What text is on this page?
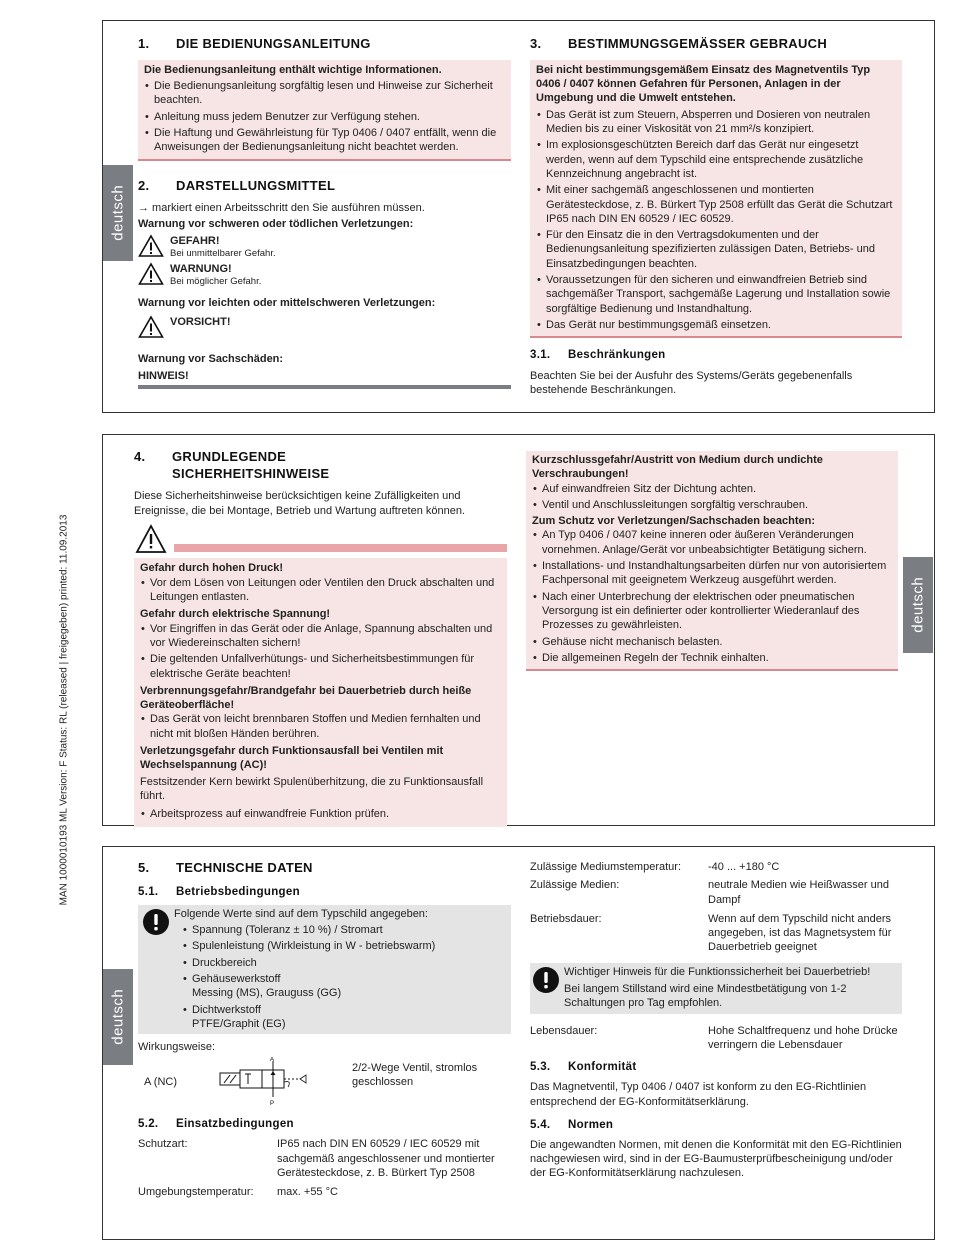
MAN 1000010193 ML Version: F Status: RL (released | freigegeben) printed: 11.09.2013
deutsch
1.	DIE BEDIENUNGSANLEITUNG
Die Bedienungsanleitung enthält wichtige Informationen.
• Die Bedienungsanleitung sorgfältig lesen und Hinweise zur Sicherheit beachten.
• Anleitung muss jedem Benutzer zur Verfügung stehen.
• Die Haftung und Gewährleistung für Typ 0406 / 0407 entfällt, wenn die Anweisungen der Bedienungsanleitung nicht beachtet werden.
2.	DARSTELLUNGSMITTEL
→ markiert einen Arbeitsschritt den Sie ausführen müssen.
Warnung vor schweren oder tödlichen Verletzungen:
GEFAHR!
Bei unmittelbarer Gefahr.
WARNUNG!
Bei möglicher Gefahr.
Warnung vor leichten oder mittelschweren Verletzungen:
VORSICHT!
Warnung vor Sachschäden:
HINWEIS!
3.	BESTIMMUNGSGEMÄSSER GEBRAUCH
Bei nicht bestimmungsgemäßem Einsatz des Magnetventils Typ 0406 / 0407 können Gefahren für Personen, Anlagen in der Umgebung und die Umwelt entstehen.
• Das Gerät ist zum Steuern, Absperren und Dosieren von neutralen Medien bis zu einer Viskosität von 21 mm²/s konzipiert.
• Im explosionsgeschützten Bereich darf das Gerät nur eingesetzt werden, wenn auf dem Typschild eine entsprechende zusätzliche Kennzeichnung angebracht ist.
• Mit einer sachgemäß angeschlossenen und montierten Gerätesteckdose, z. B. Bürkert Typ 2508 erfüllt das Gerät die Schutzart IP65 nach DIN EN 60529 / IEC 60529.
• Für den Einsatz die in den Vertragsdokumenten und der Bedienungsanleitung spezifizierten zulässigen Daten, Betriebs- und Einsatzbedingungen beachten.
• Voraussetzungen für den sicheren und einwandfreien Betrieb sind sachgemäßer Transport, sachgemäße Lagerung und Installation sowie sorgfältige Bedienung und Instandhaltung.
• Das Gerät nur bestimmungsgemäß einsetzen.
3.1.	Beschränkungen
Beachten Sie bei der Ausfuhr des Systems/Geräts gegebenenfalls bestehende Beschränkungen.
deutsch
4.	GRUNDLEGENDE
SICHERHEITSHINWEISE
Diese Sicherheitshinweise berücksichtigen keine Zufälligkeiten und Ereignisse, die bei Montage, Betrieb und Wartung auftreten können.
Gefahr durch hohen Druck!
• Vor dem Lösen von Leitungen oder Ventilen den Druck abschalten und Leitungen entlasten.
Gefahr durch elektrische Spannung!
• Vor Eingriffen in das Gerät oder die Anlage, Spannung abschalten und vor Wiedereinschalten sichern!
• Die geltenden Unfallverhütungs- und Sicherheitsbestimmungen für elektrische Geräte beachten!
Verbrennungsgefahr/Brandgefahr bei Dauerbetrieb durch heiße Geräteoberfläche!
• Das Gerät von leicht brennbaren Stoffen und Medien fernhalten und nicht mit bloßen Händen berühren.
Verletzungsgefahr durch Funktionsausfall bei Ventilen mit Wechselspannung (AC)!
Festsitzender Kern bewirkt Spulenüberhitzung, die zu Funktionsausfall führt.
• Arbeitsprozess auf einwandfreie Funktion prüfen.
Kurzschlussgefahr/Austritt von Medium durch undichte Verschraubungen!
• Auf einwandfreien Sitz der Dichtung achten.
• Ventil und Anschlussleitungen sorgfältig verschrauben.
Zum Schutz vor Verletzungen/Sachschaden beachten:
• An Typ 0406 / 0407 keine inneren oder äußeren Veränderungen vornehmen. Anlage/Gerät vor unbeabsichtigter Betätigung sichern.
• Installations- und Instandhaltungsarbeiten dürfen nur von autorisiertem Fachpersonal mit geeignetem Werkzeug ausgeführt werden.
• Nach einer Unterbrechung der elektrischen oder pneumatischen Versorgung ist ein definierter oder kontrollierter Wiederanlauf des Prozesses zu gewährleisten.
• Gehäuse nicht mechanisch belasten.
• Die allgemeinen Regeln der Technik einhalten.
deutsch
5.	TECHNISCHE DATEN
5.1.	Betriebsbedingungen
Folgende Werte sind auf dem Typschild angegeben:
• Spannung (Toleranz ± 10 %) / Stromart
• Spulenleistung (Wirkleistung in W - betriebswarm)
• Druckbereich
• Gehäusewerkstoff
Messing (MS), Grauguss (GG)
• Dichtwerkstoff
PTFE/Graphit (EG)
Wirkungsweise:
A (NC)
A
P
2/2-Wege Ventil, stromlos geschlossen
5.2.	Einsatzbedingungen
Schutzart:	IP65 nach DIN EN 60529 / IEC 60529 mit sachgemäß angeschlossener und montierter Gerätesteckdose, z. B. Bürkert Typ 2508
Umgebungstemperatur:	max. +55 °C
Zulässige Mediumstemperatur:	-40 ... +180 °C
Zulässige Medien:	neutrale Medien wie Heißwasser und Dampf
Betriebsdauer:	Wenn auf dem Typschild nicht anders angegeben, ist das Magnetsystem für Dauerbetrieb geeignet
Wichtiger Hinweis für die Funktionssicherheit bei Dauerbetrieb!
Bei langem Stillstand wird eine Mindestbetätigung von 1-2 Schaltungen pro Tag empfohlen.
Lebensdauer:	Hohe Schaltfrequenz und hohe Drücke verringern die Lebensdauer
5.3.	Konformität
Das Magnetventil, Typ 0406 / 0407 ist konform zu den EG-Richtlinien entsprechend der EG-Konformitätserklärung.
5.4.	Normen
Die angewandten Normen, mit denen die Konformität mit den EG-Richtlinien nachgewiesen wird, sind in der EG-Baumusterprüfbescheinigung und/oder der EG-Konformitätserklärung nachzulesen.
